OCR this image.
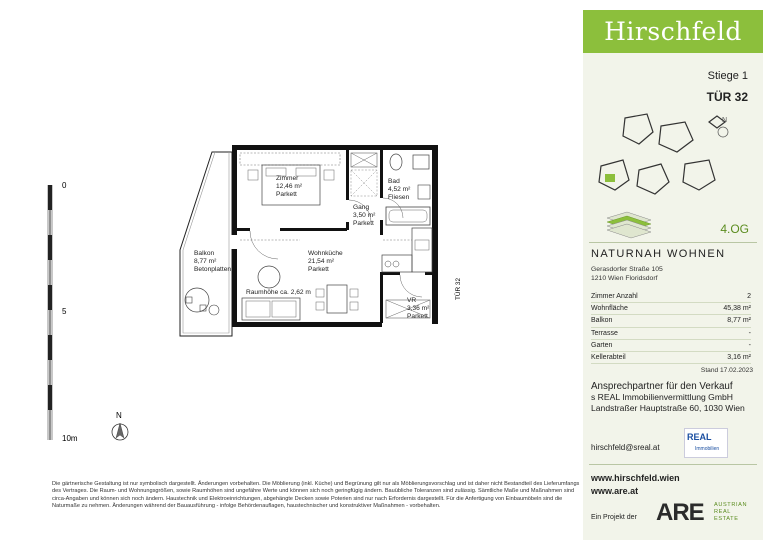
0
5
10m
N
Zimmer
12,46 m²
Parkett
Bad
4,52 m²
Fliesen
Gang
3,50 m²
Parkett
Wohnküche
21,54 m²
Parkett
Balkon
8,77 m²
Betonplatten
VR
3,36 m²
Parkett
Raumhöhe ca. 2,62 m	TÜR 32
Die gärtnerische Gestaltung ist nur symbolisch dargestellt. Änderungen vorbehalten. Die Möblierung (inkl. Küche) und Begrünung gilt nur als Möblierungsvorschlag und ist daher nicht Bestandteil des Lieferumfangs des Vertrages. Die Raum- und Wohnungsgrößen, sowie Raumhöhen sind ungefähre Werte und können sich noch geringfügig ändern. Bauübliche Toleranzen sind zulässig. Sämtliche Maße und Maßnahmen sind circa-Angaben und können sich noch ändern. Haustechnik und Elektroeinrichtungen, abgehängte Decken sowie Poterien sind nur nach Erfordernis dargestellt. Für die Anfertigung von Einbaumöbeln sind die Naturmaße zu nehmen. Änderungen während der Bauausführung - infolge Behördenauflagen, haustechnischer und konstruktiver Maßnahmen - vorbehalten.
Hirschfeld
Stiege 1
TÜR 32
N
4.OG
NATURNAH WOHNEN
Gerasdorfer Straße 105
1210 Wien Floridsdorf
Zimmer Anzahl	2
Wohnfläche	45,38 m²
Balkon	8,77 m²
Terrasse	-
Garten	-
Kellerabteil	3,16 m²
Stand 17.02.2023
Ansprechpartner für den Verkauf
s REAL Immobilienvermittlung GmbH
Landstraßer Hauptstraße 60, 1030 Wien
hirschfeld@sreal.at
REAL
Immobilien
www.hirschfeld.wien
www.are.at
Ein Projekt der ARE AUSTRIAN
REAL
ESTATE
